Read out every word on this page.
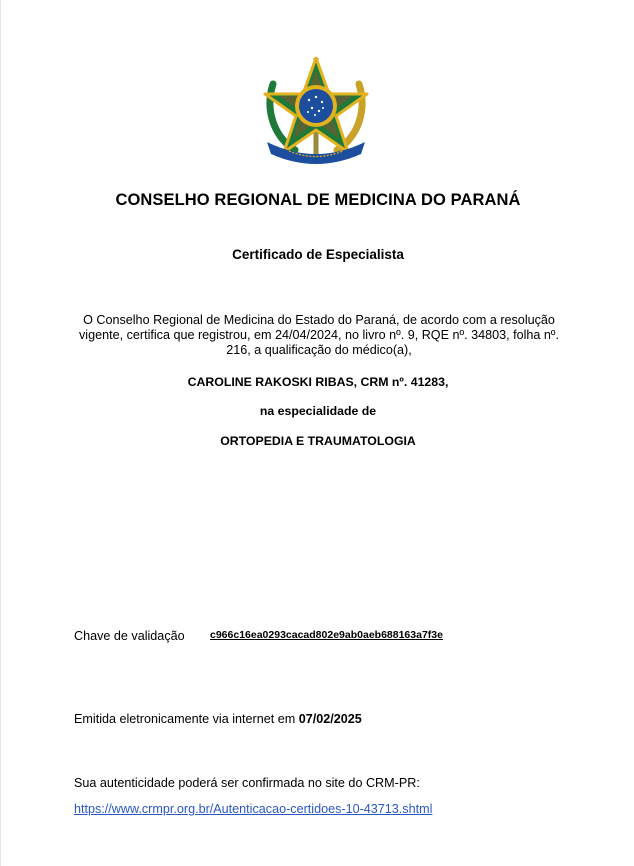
CONSELHO REGIONAL DE MEDICINA DO PARANÁ
Certificado de Especialista
O Conselho Regional de Medicina do Estado do Paraná, de acordo com a resolução vigente, certifica que registrou, em 24/04/2024, no livro nº. 9, RQE nº. 34803, folha nº. 216, a qualificação do médico(a),
CAROLINE RAKOSKI RIBAS, CRM nº. 41283,
na especialidade de
ORTOPEDIA E TRAUMATOLOGIA
Chave de validação c966c16ea0293cacad802e9ab0aeb688163a7f3e
Emitida eletronicamente via internet em 07/02/2025
Sua autenticidade poderá ser confirmada no site do CRM-PR:
https://www.crmpr.org.br/Autenticacao-certidoes-10-43713.shtml
